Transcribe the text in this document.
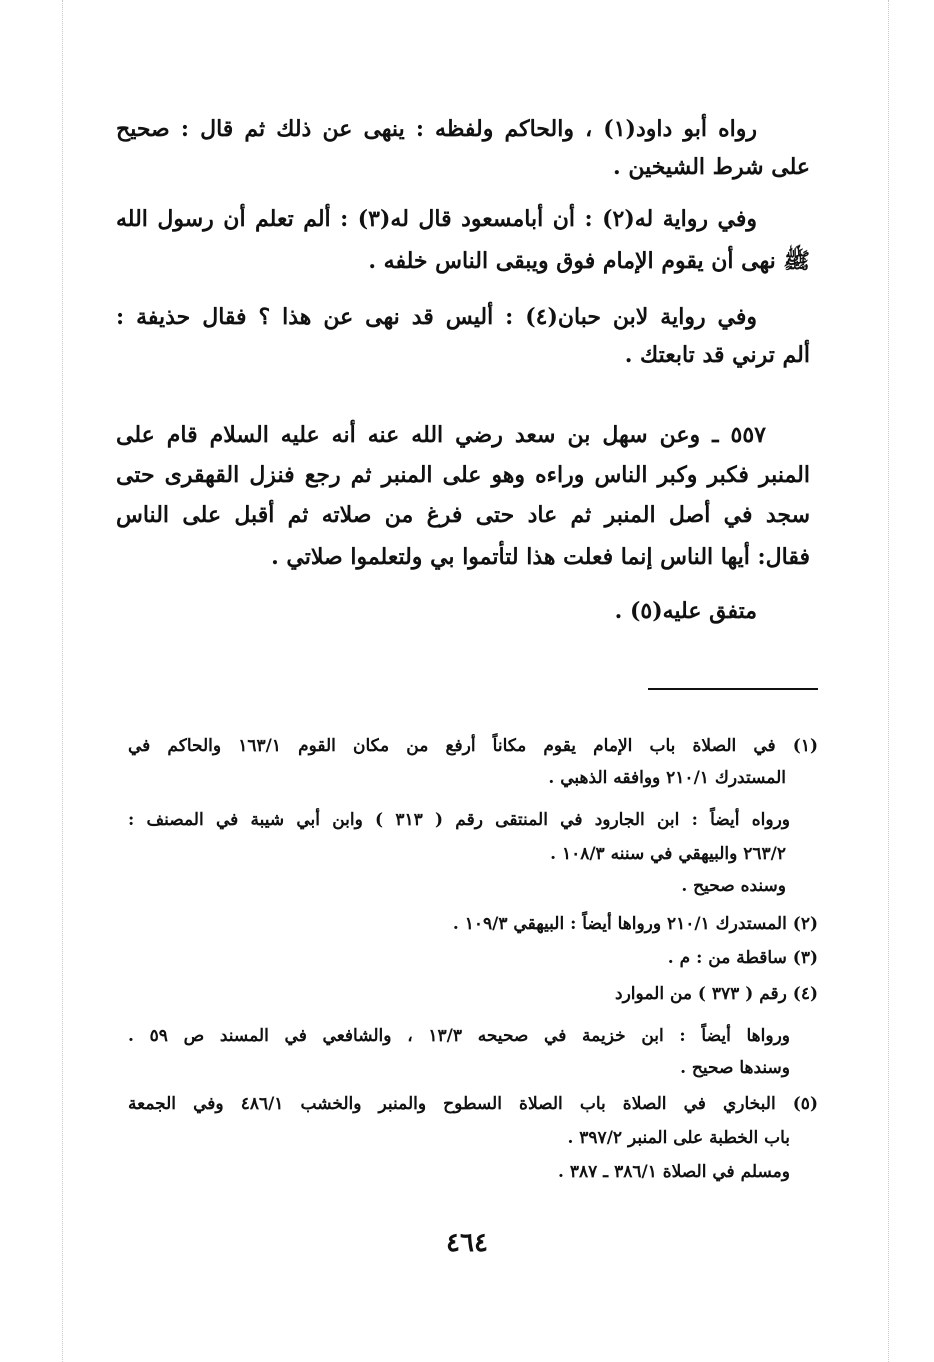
رواه أبو داود(١) ، والحاكم ولفظه : ينهى عن ذلك ثم قال : صحيح
على شرط الشيخين .
وفي رواية له(٢) : أن أبامسعود قال له(٣) : ألم تعلم أن رسول الله
ﷺ نهى أن يقوم الإمام فوق ويبقى الناس خلفه .
وفي رواية لابن حبان(٤) : أليس قد نهى عن هذا ؟ فقال حذيفة :
ألم ترني قد تابعتك .
٥٥٧ ـ وعن سهل بن سعد رضي الله عنه أنه عليه السلام قام على
المنبر فكبر وكبر الناس وراءه وهو على المنبر ثم رجع فنزل القهقرى حتى
سجد في أصل المنبر ثم عاد حتى فرغ من صلاته ثم أقبل على الناس
فقال: أيها الناس إنما فعلت هذا لتأتموا بي ولتعلموا صلاتي .
متفق عليه(٥) .
(١) في الصلاة باب الإمام يقوم مكاناً أرفع من مكان القوم ١٦٣/١ والحاكم في
المستدرك ٢١٠/١ ووافقه الذهبي .
ورواه أيضاً : ابن الجارود في المنتقى رقم ( ٣١٣ ) وابن أبي شيبة في المصنف :
٢٦٣/٢ والبيهقي في سننه ١٠٨/٣ .
وسنده صحيح .
(٢) المستدرك ٢١٠/١ ورواها أيضاً : البيهقي ١٠٩/٣ .
(٣) ساقطة من : م .
(٤) رقم ( ٣٧٣ ) من الموارد
ورواها أيضاً : ابن خزيمة في صحيحه ١٣/٣ ، والشافعي في المسند ص ٥٩ .
وسندها صحيح .
(٥) البخاري في الصلاة باب الصلاة السطوح والمنبر والخشب ٤٨٦/١ وفي الجمعة
باب الخطبة على المنبر ٣٩٧/٢ .
ومسلم في الصلاة ٣٨٦/١ ـ ٣٨٧ .
٤٦٤
